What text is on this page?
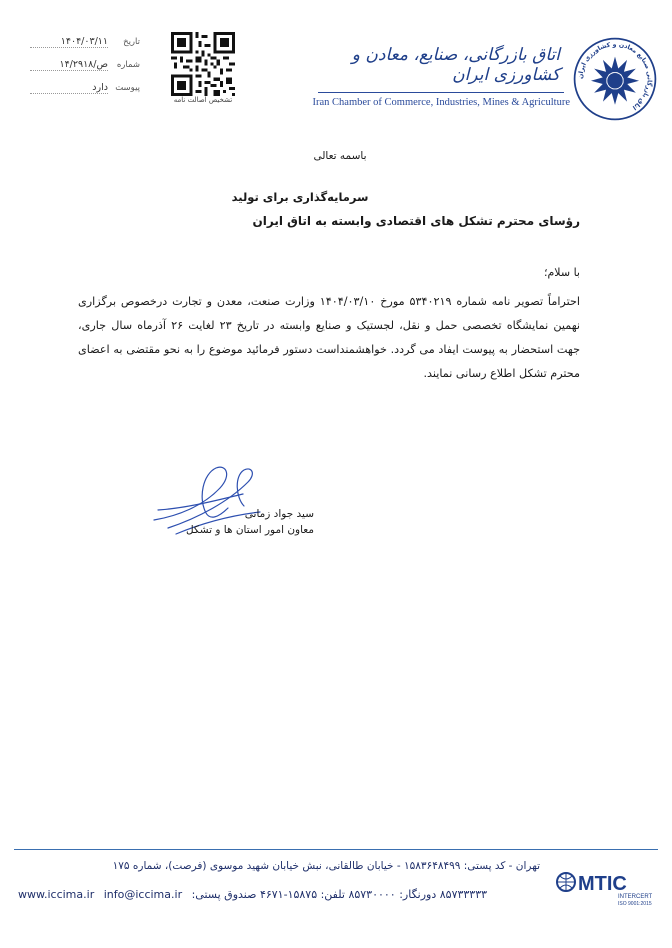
۱۴۰۴/۰۳/۱۱ تاریخ
۱۴/۲۹۱۸/ص شماره
دارد پیوست
تشخیص اصالت نامه
اتاق بازرگانی، صنایع، معادن و کشاورزی ایران
Iran Chamber of Commerce, Industries, Mines & Agriculture
اتاق بازرگانی صنایع معادن و کشاورزی ایران
باسمه تعالی
سرمایه‌گذاری برای تولید
رؤسای محترم تشکل های اقتصادی وابسته به اتاق ایران
با سلام؛
احتراماً تصویر نامه شماره ۵۳۴۰۲۱۹ مورخ ۱۴۰۴/۰۳/۱۰ وزارت صنعت، معدن و تجارت درخصوص برگزاری نهمین نمایشگاه تخصصی حمل و نقل، لجستیک و صنایع وابسته در تاریخ ۲۳ لغایت ۲۶ آذرماه سال جاری، جهت استحضار به پیوست ایفاد می گردد. خواهشمنداست دستور فرمائید موضوع را به نحو مقتضی به اعضای محترم تشکل اطلاع رسانی نمایند.
سید جواد زمانی
معاون امور استان ها و تشکل
تهران - کد پستی: ۱۵۸۳۶۴۸۴۹۹ - خیابان طالقانی، نبش خیابان شهید موسوی (فرصت)، شماره ۱۷۵
www.iccima.ir info@iccima.ir ۸۵۷۳۳۳۳۳ دورنگار: ۸۵۷۳۰۰۰۰ تلفن: ۱۵۸۷۵-۴۶۷۱ صندوق پستی:	MTIC
INTERCERT
ISO 9001:2015
